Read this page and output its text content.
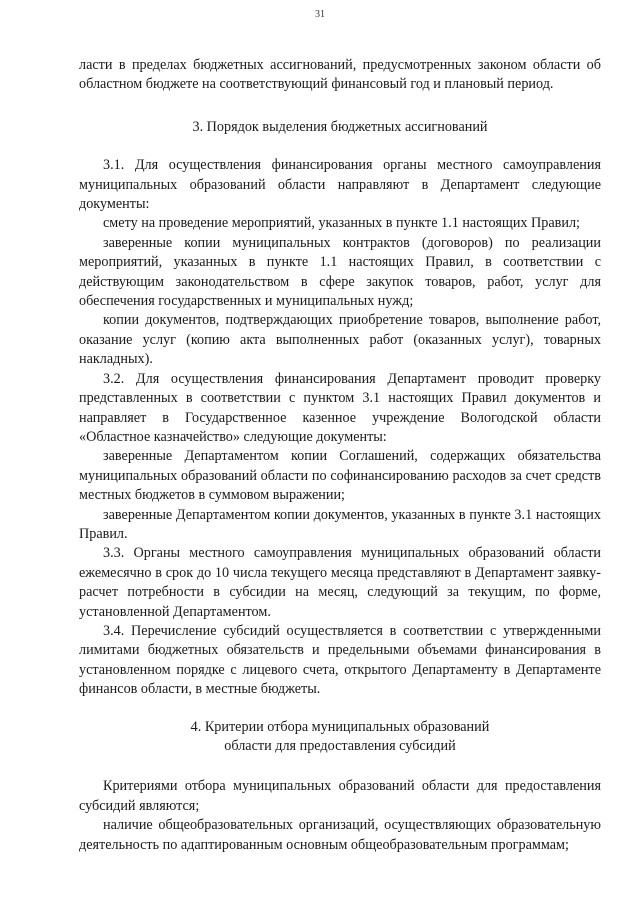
31

ласти в пределах бюджетных ассигнований, предусмотренных законом области об областном бюджете на соответствующий финансовый год и плановый период.

3. Порядок выделения бюджетных ассигнований

3.1. Для осуществления финансирования органы местного самоуправления муниципальных образований области направляют в Департамент следующие документы:

смету на проведение мероприятий, указанных в пункте 1.1 настоящих Правил;

заверенные копии муниципальных контрактов (договоров) по реализации мероприятий, указанных в пункте 1.1 настоящих Правил, в соответствии с действующим законодательством в сфере закупок товаров, работ, услуг для обеспечения государственных и муниципальных нужд;

копии документов, подтверждающих приобретение товаров, выполнение работ, оказание услуг (копию акта выполненных работ (оказанных услуг), товарных накладных).

3.2. Для осуществления финансирования Департамент проводит проверку представленных в соответствии с пунктом 3.1 настоящих Правил документов и направляет в Государственное казенное учреждение Вологодской области «Областное казначейство» следующие документы:

заверенные Департаментом копии Соглашений, содержащих обязательства муниципальных образований области по софинансированию расходов за счет средств местных бюджетов в суммовом выражении;

заверенные Департаментом копии документов, указанных в пункте 3.1 настоящих Правил.

3.3. Органы местного самоуправления муниципальных образований области ежемесячно в срок до 10 числа текущего месяца представляют в Департамент заявку-расчет потребности в субсидии на месяц, следующий за текущим, по форме, установленной Департаментом.

3.4. Перечисление субсидий осуществляется в соответствии с утвержденными лимитами бюджетных обязательств и предельными объемами финансирования в установленном порядке с лицевого счета, открытого Департаменту в Департаменте финансов области, в местные бюджеты.

4. Критерии отбора муниципальных образований

области для предоставления субсидий

Критериями отбора муниципальных образований области для предоставления субсидий являются;

наличие общеобразовательных организаций, осуществляющих образовательную деятельность по адаптированным основным общеобразовательным программам;
